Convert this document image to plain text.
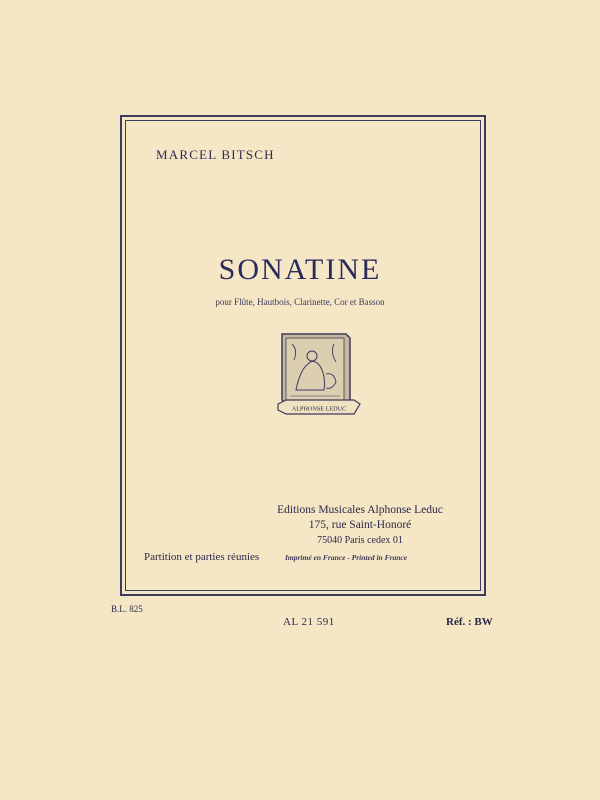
MARCEL BITSCH
SONATINE
pour Flûte, Hautbois, Clarinette, Cor et Basson
ALPHONSE LEDUC
Editions Musicales Alphonse Leduc
175, rue Saint-Honoré
75040 Paris cedex 01
Partition et parties réunies	Imprimé en France - Printed in France
B.L. 825
AL 21 591	Réf. : BW
